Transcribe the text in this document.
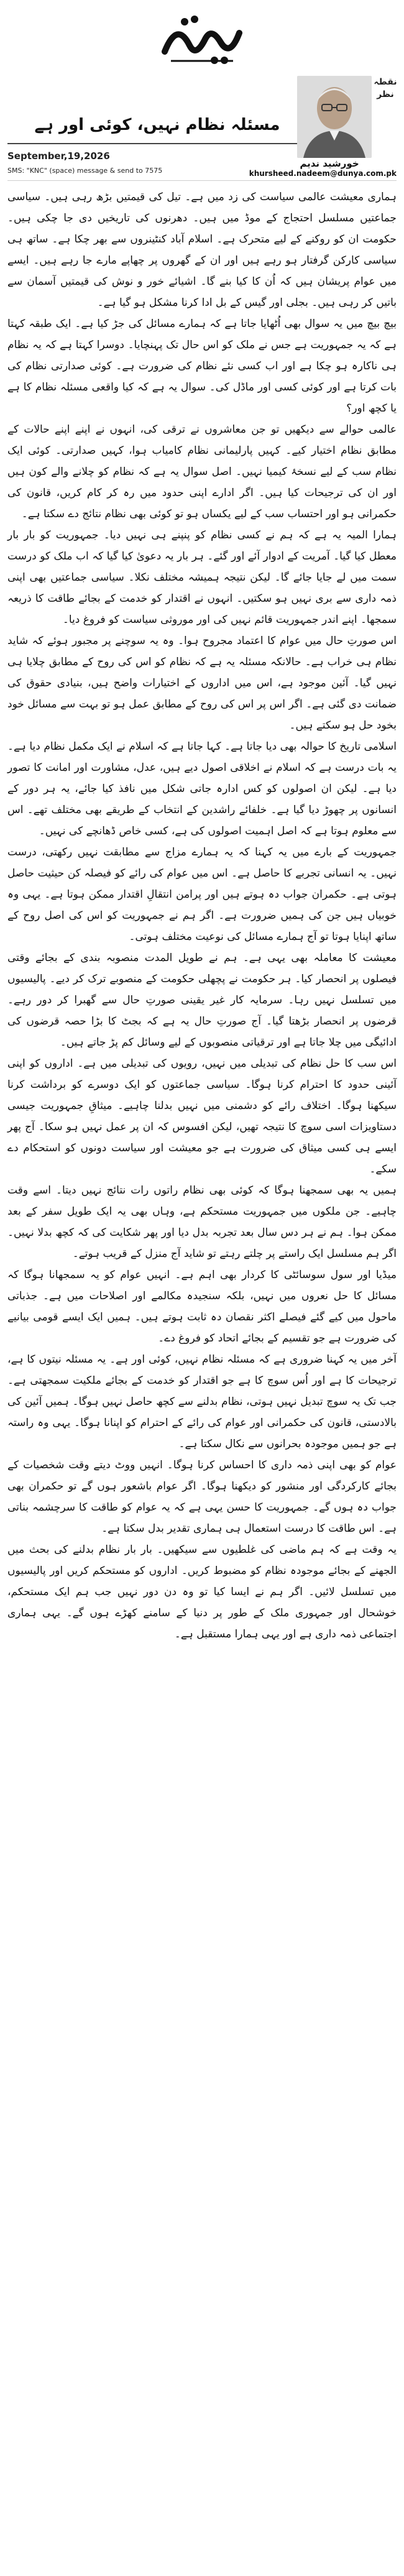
نقطہ
نظر
مسئلہ نظام نہیں، کوئی اور ہے
September,19,2026
SMS: "KNC" (space) message & send to 7575
خورشید ندیم
khursheed.nadeem@dunya.com.pk

ہماری معیشت عالمی سیاست کی زد میں ہے۔ تیل کی قیمتیں بڑھ رہی ہیں۔ سیاسی جماعتیں مسلسل احتجاج کے موڈ میں ہیں۔ دھرنوں کی تاریخیں دی جا چکی ہیں۔ حکومت ان کو روکنے کے لیے متحرک ہے۔ اسلام آباد کنٹینروں سے بھر چکا ہے۔ ساتھ ہی سیاسی کارکن گرفتار ہو رہے ہیں اور ان کے گھروں پر چھاپے مارے جا رہے ہیں۔ ایسے میں عوام پریشان ہیں کہ اُن کا کیا بنے گا۔ اشیائے خور و نوش کی قیمتیں آسمان سے باتیں کر رہی ہیں۔ بجلی اور گیس کے بل ادا کرنا مشکل ہو گیا ہے۔

بیچ بیچ میں یہ سوال بھی اُٹھایا جاتا ہے کہ ہمارے مسائل کی جڑ کیا ہے۔ ایک طبقہ کہتا ہے کہ یہ جمہوریت ہے جس نے ملک کو اس حال تک پہنچایا۔ دوسرا کہتا ہے کہ یہ نظام ہی ناکارہ ہو چکا ہے اور اب کسی نئے نظام کی ضرورت ہے۔ کوئی صدارتی نظام کی بات کرتا ہے اور کوئی کسی اور ماڈل کی۔ سوال یہ ہے کہ کیا واقعی مسئلہ نظام کا ہے یا کچھ اور؟

عالمی حوالے سے دیکھیں تو جن معاشروں نے ترقی کی، انہوں نے اپنے اپنے حالات کے مطابق نظام اختیار کیے۔ کہیں پارلیمانی نظام کامیاب ہوا، کہیں صدارتی۔ کوئی ایک نظام سب کے لیے نسخۂ کیمیا نہیں۔ اصل سوال یہ ہے کہ نظام کو چلانے والے کون ہیں اور ان کی ترجیحات کیا ہیں۔ اگر ادارے اپنی حدود میں رہ کر کام کریں، قانون کی حکمرانی ہو اور احتساب سب کے لیے یکساں ہو تو کوئی بھی نظام نتائج دے سکتا ہے۔

ہمارا المیہ یہ ہے کہ ہم نے کسی نظام کو پنپنے ہی نہیں دیا۔ جمہوریت کو بار بار معطل کیا گیا۔ آمریت کے ادوار آئے اور گئے۔ ہر بار یہ دعویٰ کیا گیا کہ اب ملک کو درست سمت میں لے جایا جائے گا۔ لیکن نتیجہ ہمیشہ مختلف نکلا۔ سیاسی جماعتیں بھی اپنی ذمہ داری سے بری نہیں ہو سکتیں۔ انہوں نے اقتدار کو خدمت کے بجائے طاقت کا ذریعہ سمجھا۔ اپنے اندر جمہوریت قائم نہیں کی اور موروثی سیاست کو فروغ دیا۔

اس صورتِ حال میں عوام کا اعتماد مجروح ہوا۔ وہ یہ سوچنے پر مجبور ہوئے کہ شاید نظام ہی خراب ہے۔ حالانکہ مسئلہ یہ ہے کہ نظام کو اس کی روح کے مطابق چلایا ہی نہیں گیا۔ آئین موجود ہے، اس میں اداروں کے اختیارات واضح ہیں، بنیادی حقوق کی ضمانت دی گئی ہے۔ اگر اس پر اس کی روح کے مطابق عمل ہو تو بہت سے مسائل خود بخود حل ہو سکتے ہیں۔

اسلامی تاریخ کا حوالہ بھی دیا جاتا ہے۔ کہا جاتا ہے کہ اسلام نے ایک مکمل نظام دیا ہے۔ یہ بات درست ہے کہ اسلام نے اخلاقی اصول دیے ہیں، عدل، مشاورت اور امانت کا تصور دیا ہے۔ لیکن ان اصولوں کو کس ادارہ جاتی شکل میں نافذ کیا جائے، یہ ہر دور کے انسانوں پر چھوڑ دیا گیا ہے۔ خلفائے راشدین کے انتخاب کے طریقے بھی مختلف تھے۔ اس سے معلوم ہوتا ہے کہ اصل اہمیت اصولوں کی ہے، کسی خاص ڈھانچے کی نہیں۔

جمہوریت کے بارے میں یہ کہنا کہ یہ ہمارے مزاج سے مطابقت نہیں رکھتی، درست نہیں۔ یہ انسانی تجربے کا حاصل ہے۔ اس میں عوام کی رائے کو فیصلہ کن حیثیت حاصل ہوتی ہے۔ حکمران جواب دہ ہوتے ہیں اور پرامن انتقالِ اقتدار ممکن ہوتا ہے۔ یہی وہ خوبیاں ہیں جن کی ہمیں ضرورت ہے۔ اگر ہم نے جمہوریت کو اس کی اصل روح کے ساتھ اپنایا ہوتا تو آج ہمارے مسائل کی نوعیت مختلف ہوتی۔

معیشت کا معاملہ بھی یہی ہے۔ ہم نے طویل المدت منصوبہ بندی کے بجائے وقتی فیصلوں پر انحصار کیا۔ ہر حکومت نے پچھلی حکومت کے منصوبے ترک کر دیے۔ پالیسیوں میں تسلسل نہیں رہا۔ سرمایہ کار غیر یقینی صورتِ حال سے گھبرا کر دور رہے۔ قرضوں پر انحصار بڑھتا گیا۔ آج صورتِ حال یہ ہے کہ بجٹ کا بڑا حصہ قرضوں کی ادائیگی میں چلا جاتا ہے اور ترقیاتی منصوبوں کے لیے وسائل کم پڑ جاتے ہیں۔

اس سب کا حل نظام کی تبدیلی میں نہیں، رویوں کی تبدیلی میں ہے۔ اداروں کو اپنی آئینی حدود کا احترام کرنا ہوگا۔ سیاسی جماعتوں کو ایک دوسرے کو برداشت کرنا سیکھنا ہوگا۔ اختلاف رائے کو دشمنی میں نہیں بدلنا چاہیے۔ میثاقِ جمہوریت جیسی دستاویزات اسی سوچ کا نتیجہ تھیں، لیکن افسوس کہ ان پر عمل نہیں ہو سکا۔ آج پھر ایسے ہی کسی میثاق کی ضرورت ہے جو معیشت اور سیاست دونوں کو استحکام دے سکے۔

ہمیں یہ بھی سمجھنا ہوگا کہ کوئی بھی نظام راتوں رات نتائج نہیں دیتا۔ اسے وقت چاہیے۔ جن ملکوں میں جمہوریت مستحکم ہے، وہاں بھی یہ ایک طویل سفر کے بعد ممکن ہوا۔ ہم نے ہر دس سال بعد تجربہ بدل دیا اور پھر شکایت کی کہ کچھ بدلا نہیں۔ اگر ہم مسلسل ایک راستے پر چلتے رہتے تو شاید آج منزل کے قریب ہوتے۔

میڈیا اور سول سوسائٹی کا کردار بھی اہم ہے۔ انہیں عوام کو یہ سمجھانا ہوگا کہ مسائل کا حل نعروں میں نہیں، بلکہ سنجیدہ مکالمے اور اصلاحات میں ہے۔ جذباتی ماحول میں کیے گئے فیصلے اکثر نقصان دہ ثابت ہوتے ہیں۔ ہمیں ایک ایسے قومی بیانیے کی ضرورت ہے جو تقسیم کے بجائے اتحاد کو فروغ دے۔

آخر میں یہ کہنا ضروری ہے کہ مسئلہ نظام نہیں، کوئی اور ہے۔ یہ مسئلہ نیتوں کا ہے، ترجیحات کا ہے اور اُس سوچ کا ہے جو اقتدار کو خدمت کے بجائے ملکیت سمجھتی ہے۔ جب تک یہ سوچ تبدیل نہیں ہوتی، نظام بدلنے سے کچھ حاصل نہیں ہوگا۔ ہمیں آئین کی بالادستی، قانون کی حکمرانی اور عوام کی رائے کے احترام کو اپنانا ہوگا۔ یہی وہ راستہ ہے جو ہمیں موجودہ بحرانوں سے نکال سکتا ہے۔

عوام کو بھی اپنی ذمہ داری کا احساس کرنا ہوگا۔ انہیں ووٹ دیتے وقت شخصیات کے بجائے کارکردگی اور منشور کو دیکھنا ہوگا۔ اگر عوام باشعور ہوں گے تو حکمران بھی جواب دہ ہوں گے۔ جمہوریت کا حسن یہی ہے کہ یہ عوام کو طاقت کا سرچشمہ بناتی ہے۔ اس طاقت کا درست استعمال ہی ہماری تقدیر بدل سکتا ہے۔

یہ وقت ہے کہ ہم ماضی کی غلطیوں سے سیکھیں۔ بار بار نظام بدلنے کی بحث میں الجھنے کے بجائے موجودہ نظام کو مضبوط کریں۔ اداروں کو مستحکم کریں اور پالیسیوں میں تسلسل لائیں۔ اگر ہم نے ایسا کیا تو وہ دن دور نہیں جب ہم ایک مستحکم، خوشحال اور جمہوری ملک کے طور پر دنیا کے سامنے کھڑے ہوں گے۔ یہی ہماری اجتماعی ذمہ داری ہے اور یہی ہمارا مستقبل ہے۔
